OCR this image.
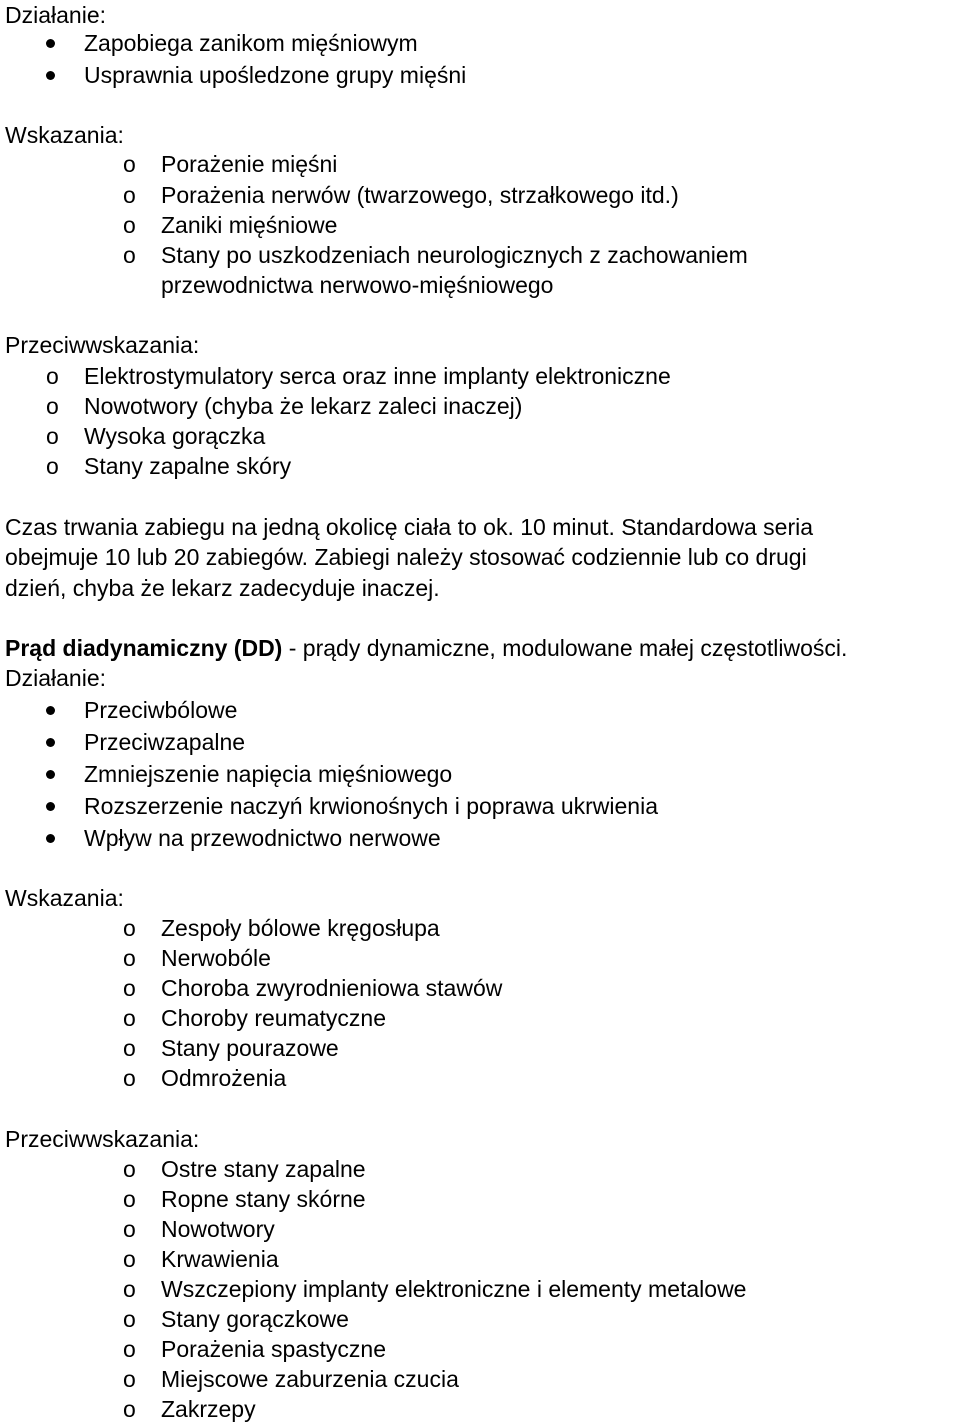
Działanie:
Zapobiega zanikom mięśniowym
Usprawnia upośledzone grupy mięśni
Wskazania:
o Porażenie mięśni
o Porażenia nerwów (twarzowego, strzałkowego itd.)
o Zaniki mięśniowe
o Stany po uszkodzeniach neurologicznych z zachowaniem
przewodnictwa nerwowo-mięśniowego
Przeciwwskazania:
o Elektrostymulatory serca oraz inne implanty elektroniczne
o Nowotwory (chyba że lekarz zaleci inaczej)
o Wysoka gorączka
o Stany zapalne skóry
Czas trwania zabiegu na jedną okolicę ciała to ok. 10 minut. Standardowa seria
obejmuje 10 lub 20 zabiegów. Zabiegi należy stosować codziennie lub co drugi
dzień, chyba że lekarz zadecyduje inaczej.
Prąd diadynamiczny (DD) - prądy dynamiczne, modulowane małej częstotliwości.
Działanie:
Przeciwbólowe
Przeciwzapalne
Zmniejszenie napięcia mięśniowego
Rozszerzenie naczyń krwionośnych i poprawa ukrwienia
Wpływ na przewodnictwo nerwowe
Wskazania:
o Zespoły bólowe kręgosłupa
o Nerwobóle
o Choroba zwyrodnieniowa stawów
o Choroby reumatyczne
o Stany pourazowe
o Odmrożenia
Przeciwwskazania:
o Ostre stany zapalne
o Ropne stany skórne
o Nowotwory
o Krwawienia
o Wszczepiony implanty elektroniczne i elementy metalowe
o Stany gorączkowe
o Porażenia spastyczne
o Miejscowe zaburzenia czucia
o Zakrzepy
